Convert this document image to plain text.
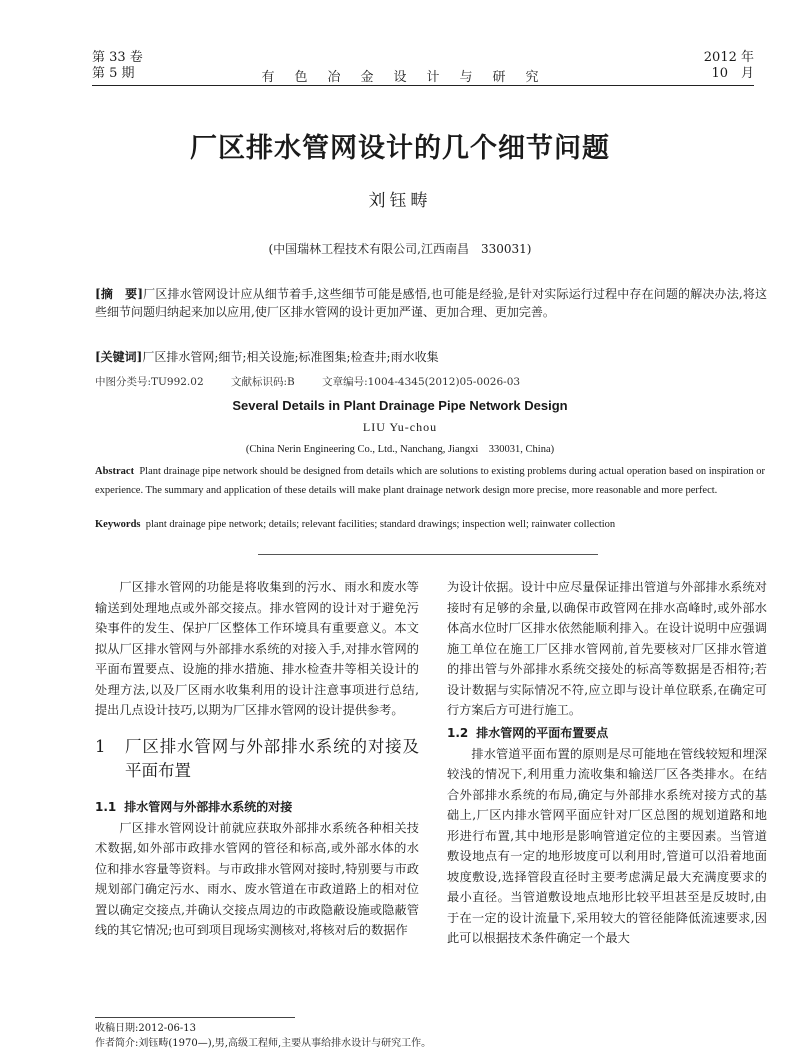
第 33 卷
第 5 期	有色冶金设计与研究
2012 年
10　月
厂区排水管网设计的几个细节问题
刘钰畴
(中国瑞林工程技术有限公司,江西南昌　330031)
[摘　要]厂区排水管网设计应从细节着手,这些细节可能是感悟,也可能是经验,是针对实际运行过程中存在问题的解决办法,将这些细节问题归纳起来加以应用,使厂区排水管网的设计更加严谨、更加合理、更加完善。
[关键词]厂区排水管网;细节;相关设施;标准图集;检查井;雨水收集
中图分类号:TU992.02	文献标识码:B	文章编号:1004-4345(2012)05-0026-03
Several Details in Plant Drainage Pipe Network Design
LIU Yu-chou
(China Nerin Engineering Co., Ltd., Nanchang, Jiangxi　330031, China)
Abstract Plant drainage pipe network should be designed from details which are solutions to existing problems during actual operation based on inspiration or experience. The summary and application of these details will make plant drainage network design more precise, more reasonable and more perfect.
Keywords plant drainage pipe network; details; relevant facilities; standard drawings; inspection well; rainwater collection

厂区排水管网的功能是将收集到的污水、雨水和废水等输送到处理地点或外部交接点。排水管网的设计对于避免污染事件的发生、保护厂区整体工作环境具有重要意义。本文拟从厂区排水管网与外部排水系统的对接入手,对排水管网的平面布置要点、设施的排水措施、排水检查井等相关设计的处理方法,以及厂区雨水收集利用的设计注意事项进行总结,提出几点设计技巧,以期为厂区排水管网的设计提供参考。

1	厂区排水管网与外部排水系统的对接及平面布置
1.1 排水管网与外部排水系统的对接

厂区排水管网设计前就应获取外部排水系统各种相关技术数据,如外部市政排水管网的管径和标高,或外部水体的水位和排水容量等资料。与市政排水管网对接时,特别要与市政规划部门确定污水、雨水、废水管道在市政道路上的相对位置以确定交接点,并确认交接点周边的市政隐蔽设施或隐蔽管线的其它情况;也可到项目现场实测核对,将核对后的数据作

为设计依据。设计中应尽量保证排出管道与外部排水系统对接时有足够的余量,以确保市政管网在排水高峰时,或外部水体高水位时厂区排水依然能顺利排入。在设计说明中应强调施工单位在施工厂区排水管网前,首先要核对厂区排水管道的排出管与外部排水系统交接处的标高等数据是否相符;若设计数据与实际情况不符,应立即与设计单位联系,在确定可行方案后方可进行施工。

1.2 排水管网的平面布置要点

排水管道平面布置的原则是尽可能地在管线较短和埋深较浅的情况下,利用重力流收集和输送厂区各类排水。在结合外部排水系统的布局,确定与外部排水系统对接方式的基础上,厂区内排水管网平面应针对厂区总图的规划道路和地形进行布置,其中地形是影响管道定位的主要因素。当管道敷设地点有一定的地形坡度可以利用时,管道可以沿着地面坡度敷设,选择管段直径时主要考虑满足最大充满度要求的最小直径。当管道敷设地点地形比较平坦甚至是反坡时,由于在一定的设计流量下,采用较大的管径能降低流速要求,因此可以根据技术条件确定一个最大

收稿日期:2012-06-13
作者简介:刘钰畴(1970—),男,高级工程师,主要从事给排水设计与研究工作。
